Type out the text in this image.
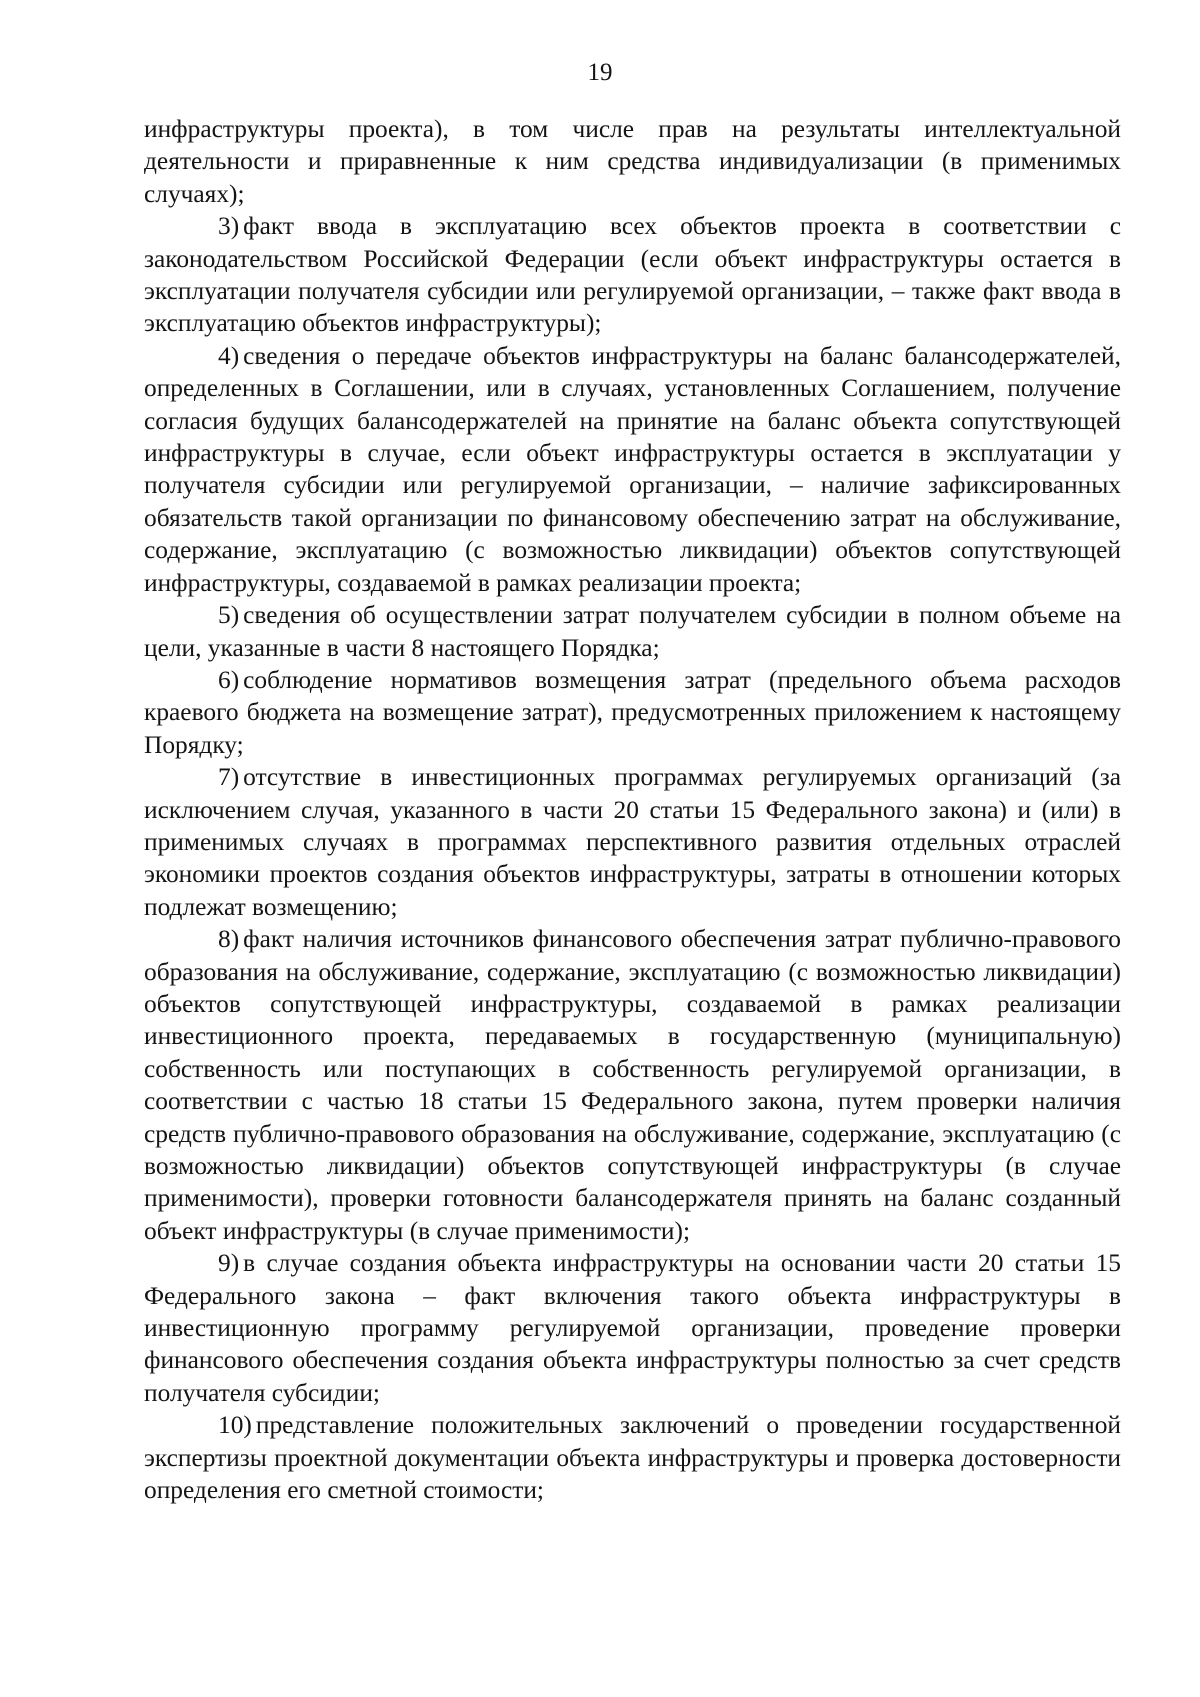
19

инфраструктуры проекта), в том числе прав на результаты интеллектуальной деятельности и приравненные к ним средства индивидуализации (в применимых случаях);

3) факт ввода в эксплуатацию всех объектов проекта в соответствии с законодательством Российской Федерации (если объект инфраструктуры остается в эксплуатации получателя субсидии или регулируемой организации, – также факт ввода в эксплуатацию объектов инфраструктуры);

4) сведения о передаче объектов инфраструктуры на баланс балансодержателей, определенных в Соглашении, или в случаях, установленных Соглашением, получение согласия будущих балансодержателей на принятие на баланс объекта сопутствующей инфраструктуры в случае, если объект инфраструктуры остается в эксплуатации у получателя субсидии или регулируемой организации, – наличие зафиксированных обязательств такой организации по финансовому обеспечению затрат на обслуживание, содержание, эксплуатацию (с возможностью ликвидации) объектов сопутствующей инфраструктуры, создаваемой в рамках реализации проекта;

5) сведения об осуществлении затрат получателем субсидии в полном объеме на цели, указанные в части 8 настоящего Порядка;

6) соблюдение нормативов возмещения затрат (предельного объема расходов краевого бюджета на возмещение затрат), предусмотренных приложением к настоящему Порядку;

7) отсутствие в инвестиционных программах регулируемых организаций (за исключением случая, указанного в части 20 статьи 15 Федерального закона) и (или) в применимых случаях в программах перспективного развития отдельных отраслей экономики проектов создания объектов инфраструктуры, затраты в отношении которых подлежат возмещению;

8) факт наличия источников финансового обеспечения затрат публично-правового образования на обслуживание, содержание, эксплуатацию (с возможностью ликвидации) объектов сопутствующей инфраструктуры, создаваемой в рамках реализации инвестиционного проекта, передаваемых в государственную (муниципальную) собственность или поступающих в собственность регулируемой организации, в соответствии с частью 18 статьи 15 Федерального закона, путем проверки наличия средств публично-правового образования на обслуживание, содержание, эксплуатацию (с возможностью ликвидации) объектов сопутствующей инфраструктуры (в случае применимости), проверки готовности балансодержателя принять на баланс созданный объект инфраструктуры (в случае применимости);

9) в случае создания объекта инфраструктуры на основании части 20 статьи 15 Федерального закона – факт включения такого объекта инфраструктуры в инвестиционную программу регулируемой организации, проведение проверки финансового обеспечения создания объекта инфраструктуры полностью за счет средств получателя субсидии;

10) представление положительных заключений о проведении государственной экспертизы проектной документации объекта инфраструктуры и проверка достоверности определения его сметной стоимости;
